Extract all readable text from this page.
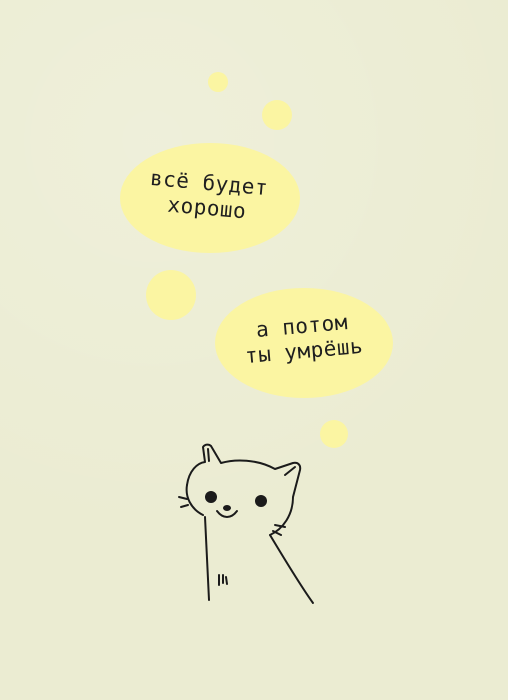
всё будет
хорошо
а потом
ты умрёшь
